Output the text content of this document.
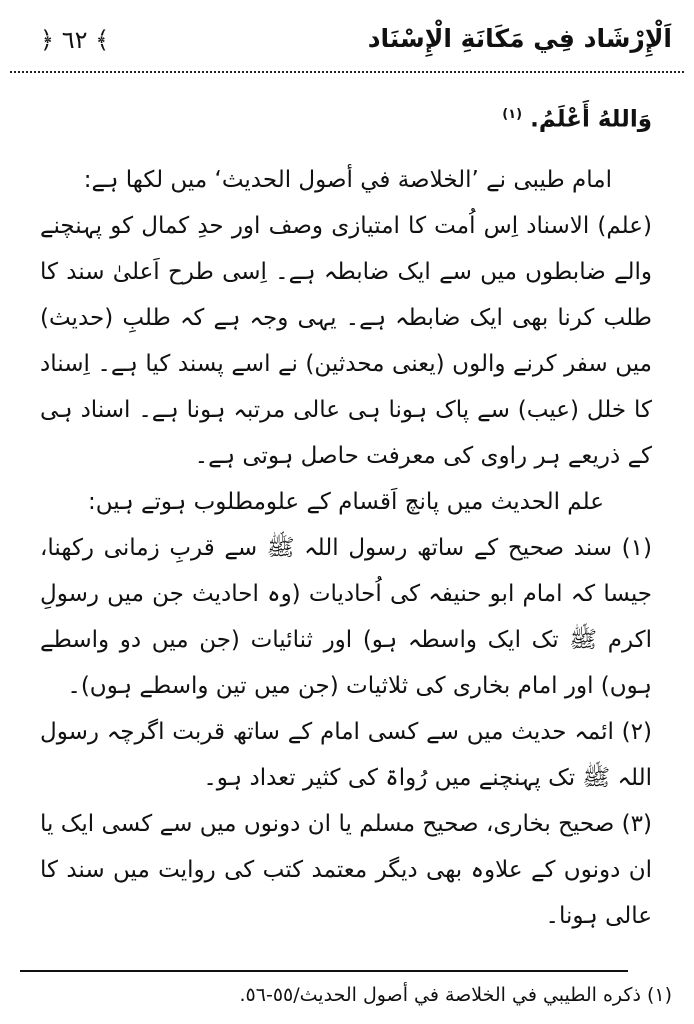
﴿ ٦٢ ﴾	اَلْإِرْشَاد فِي مَكَانَةِ الْإِسْنَاد

وَاللهُ أَعْلَمُ. $^{(١)}$

امام طیبی نے ’الخلاصة في أصول الحدیث‘ میں لکھا ہے:

(علم) الاسناد اِس اُمت کا امتیازی وصف اور حدِ کمال کو پہنچنے والے ضابطوں میں سے ایک ضابطہ ہے۔ اِسی طرح اَعلیٰ سند کا طلب کرنا بھی ایک ضابطہ ہے۔ یہی وجہ ہے کہ طلبِ (حدیث) میں سفر کرنے والوں (یعنی محدثین) نے اسے پسند کیا ہے۔ اِسناد کا خلل (عیب) سے پاک ہونا ہی عالی مرتبہ ہونا ہے۔ اسناد ہی کے ذریعے ہر راوی کی معرفت حاصل ہوتی ہے۔

علم الحدیث میں پانچ اَقسام کے علومطلوب ہوتے ہیں:

(١) سند صحیح کے ساتھ رسول اللہ ﷺ سے قربِ زمانی رکھنا، جیسا کہ امام ابو حنیفہ کی اُحادیات (وہ احادیث جن میں رسولِ اکرم ﷺ تک ایک واسطہ ہو) اور ثنائیات (جن میں دو واسطے ہوں) اور امام بخاری کی ثلاثیات (جن میں تین واسطے ہوں)۔

(٢) ائمہ حدیث میں سے کسی امام کے ساتھ قربت اگرچہ رسول اللہ ﷺ تک پہنچنے میں رُواۃ کی کثیر تعداد ہو۔

(٣) صحیح بخاری، صحیح مسلم یا ان دونوں میں سے کسی ایک یا ان دونوں کے علاوہ بھی دیگر معتمد کتب کی روایت میں سند کا عالی ہونا۔

(١) ذكره الطيبي في الخلاصة في أصول الحديث/٥٥-٥٦.
